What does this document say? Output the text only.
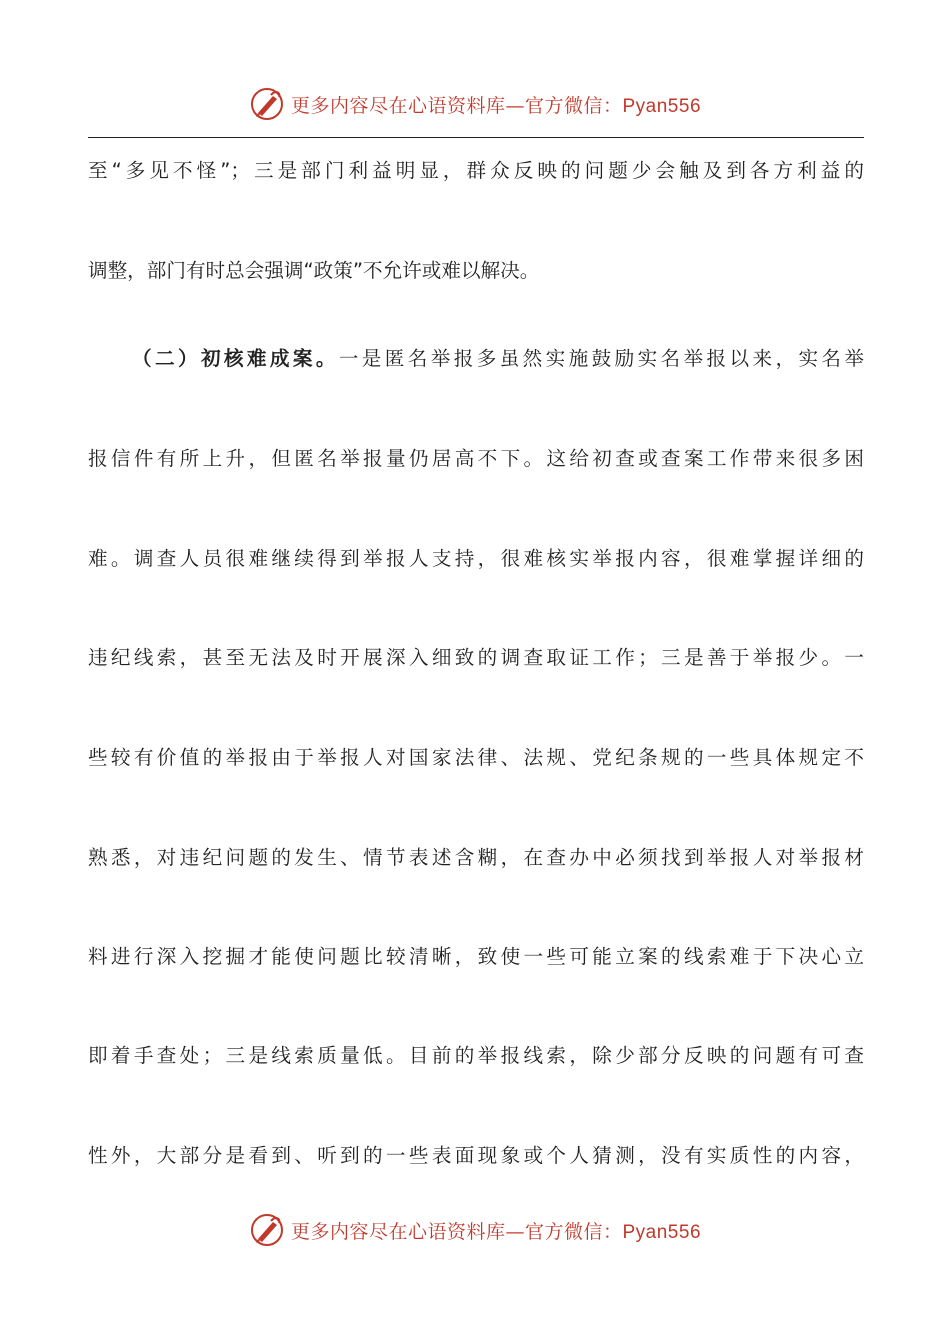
更多内容尽在心语资料库—官方微信：Pyan556
至“多见不怪”；三是部门利益明显，群众反映的问题少会触及到各方利益的
调整，部门有时总会强调“政策”不允许或难以解决。
（二）初核难成案。一是匿名举报多虽然实施鼓励实名举报以来，实名举
报信件有所上升，但匿名举报量仍居高不下。这给初查或查案工作带来很多困
难。调查人员很难继续得到举报人支持，很难核实举报内容，很难掌握详细的
违纪线索，甚至无法及时开展深入细致的调查取证工作；三是善于举报少。一
些较有价值的举报由于举报人对国家法律、法规、党纪条规的一些具体规定不
熟悉，对违纪问题的发生、情节表述含糊，在查办中必须找到举报人对举报材
料进行深入挖掘才能使问题比较清晰，致使一些可能立案的线索难于下决心立
即着手查处；三是线索质量低。目前的举报线索，除少部分反映的问题有可查
性外，大部分是看到、听到的一些表面现象或个人猜测，没有实质性的内容，
更多内容尽在心语资料库—官方微信：Pyan556
